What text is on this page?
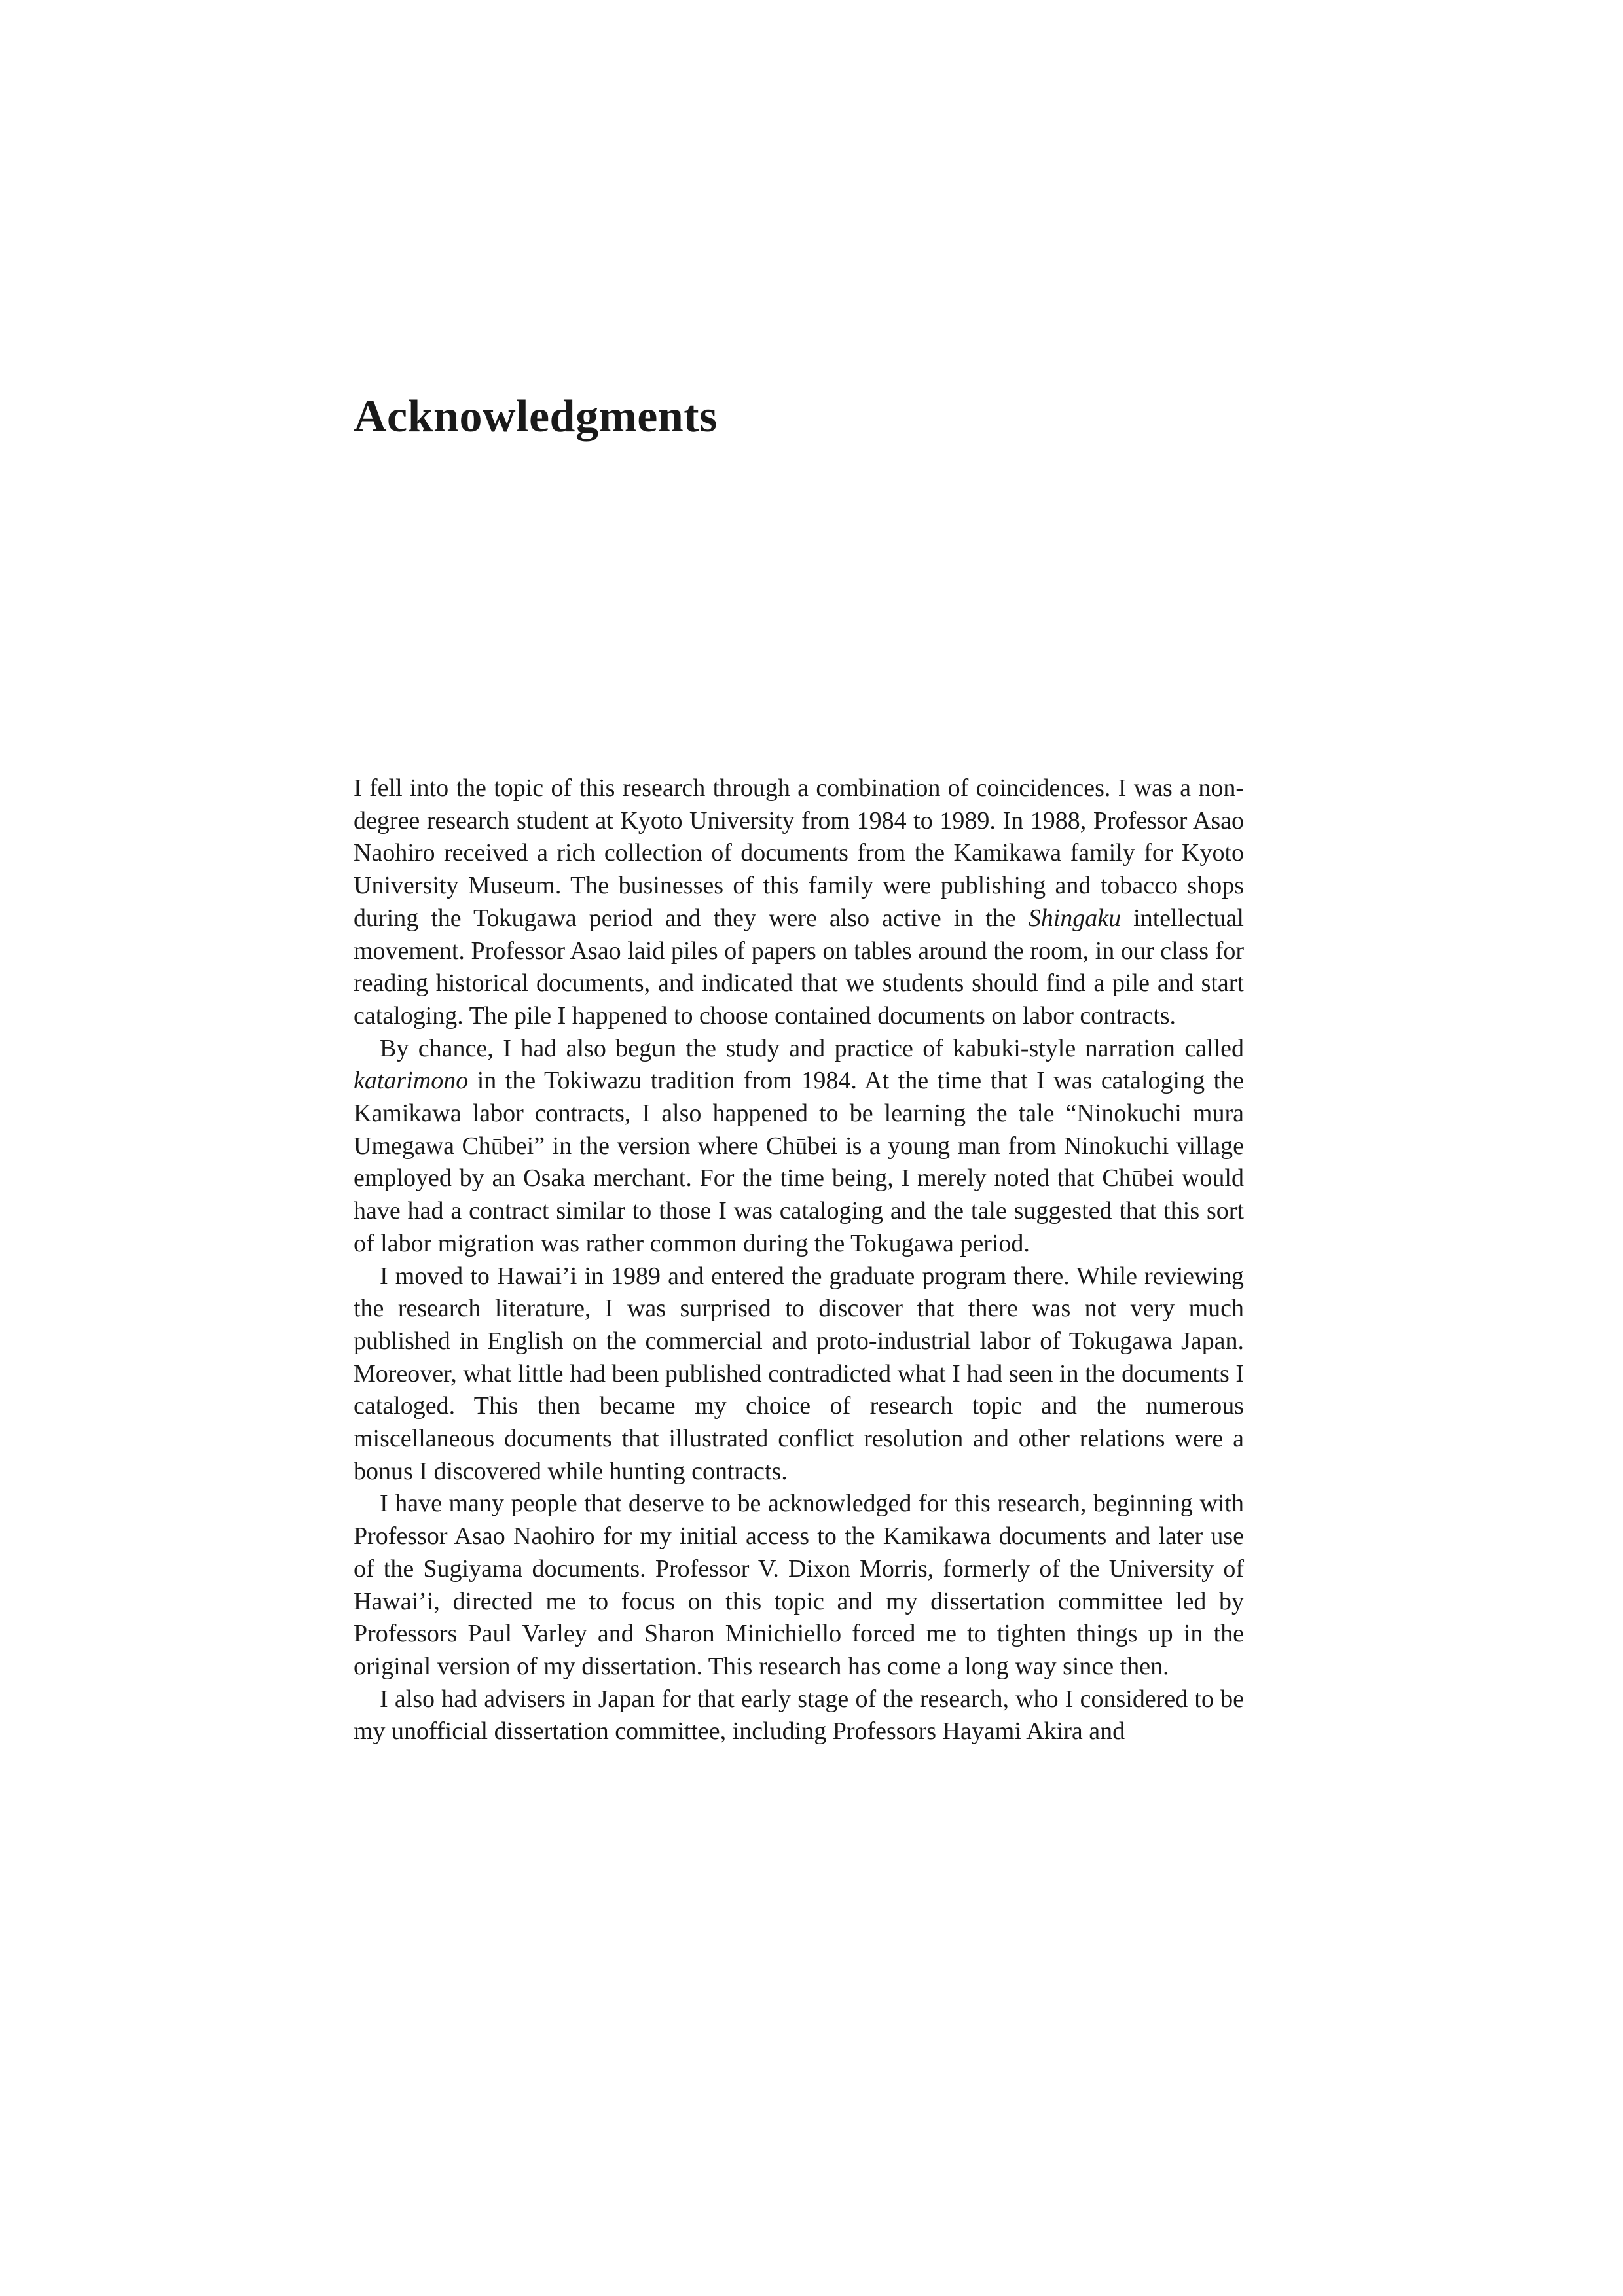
Acknowledgments

I fell into the topic of this research through a combination of coincidences. I was a non-degree research student at Kyoto University from 1984 to 1989. In 1988, Professor Asao Naohiro received a rich collection of documents from the Kamikawa family for Kyoto University Museum. The businesses of this family were publishing and tobacco shops during the Tokugawa period and they were also active in the Shingaku intellectual movement. Professor Asao laid piles of papers on tables around the room, in our class for reading historical documents, and indicated that we students should find a pile and start cataloging. The pile I happened to choose contained documents on labor contracts.

By chance, I had also begun the study and practice of kabuki-style narration called katarimono in the Tokiwazu tradition from 1984. At the time that I was cataloging the Kamikawa labor contracts, I also happened to be learning the tale “Ninokuchi mura Umegawa Chūbei” in the version where Chūbei is a young man from Ninokuchi village employed by an Osaka merchant. For the time being, I merely noted that Chūbei would have had a contract similar to those I was cataloging and the tale suggested that this sort of labor migration was rather common during the Tokugawa period.

I moved to Hawai’i in 1989 and entered the graduate program there. While reviewing the research literature, I was surprised to discover that there was not very much published in English on the commercial and proto-industrial labor of Tokugawa Japan. Moreover, what little had been published contradicted what I had seen in the documents I cataloged. This then became my choice of research topic and the numerous miscellaneous documents that illustrated conflict resolution and other relations were a bonus I discovered while hunting contracts.

I have many people that deserve to be acknowledged for this research, beginning with Professor Asao Naohiro for my initial access to the Kamikawa documents and later use of the Sugiyama documents. Professor V. Dixon Morris, formerly of the University of Hawai’i, directed me to focus on this topic and my dissertation committee led by Professors Paul Varley and Sharon Minichiello forced me to tighten things up in the original version of my dissertation. This research has come a long way since then.

I also had advisers in Japan for that early stage of the research, who I considered to be my unofficial dissertation committee, including Professors Hayami Akira and
